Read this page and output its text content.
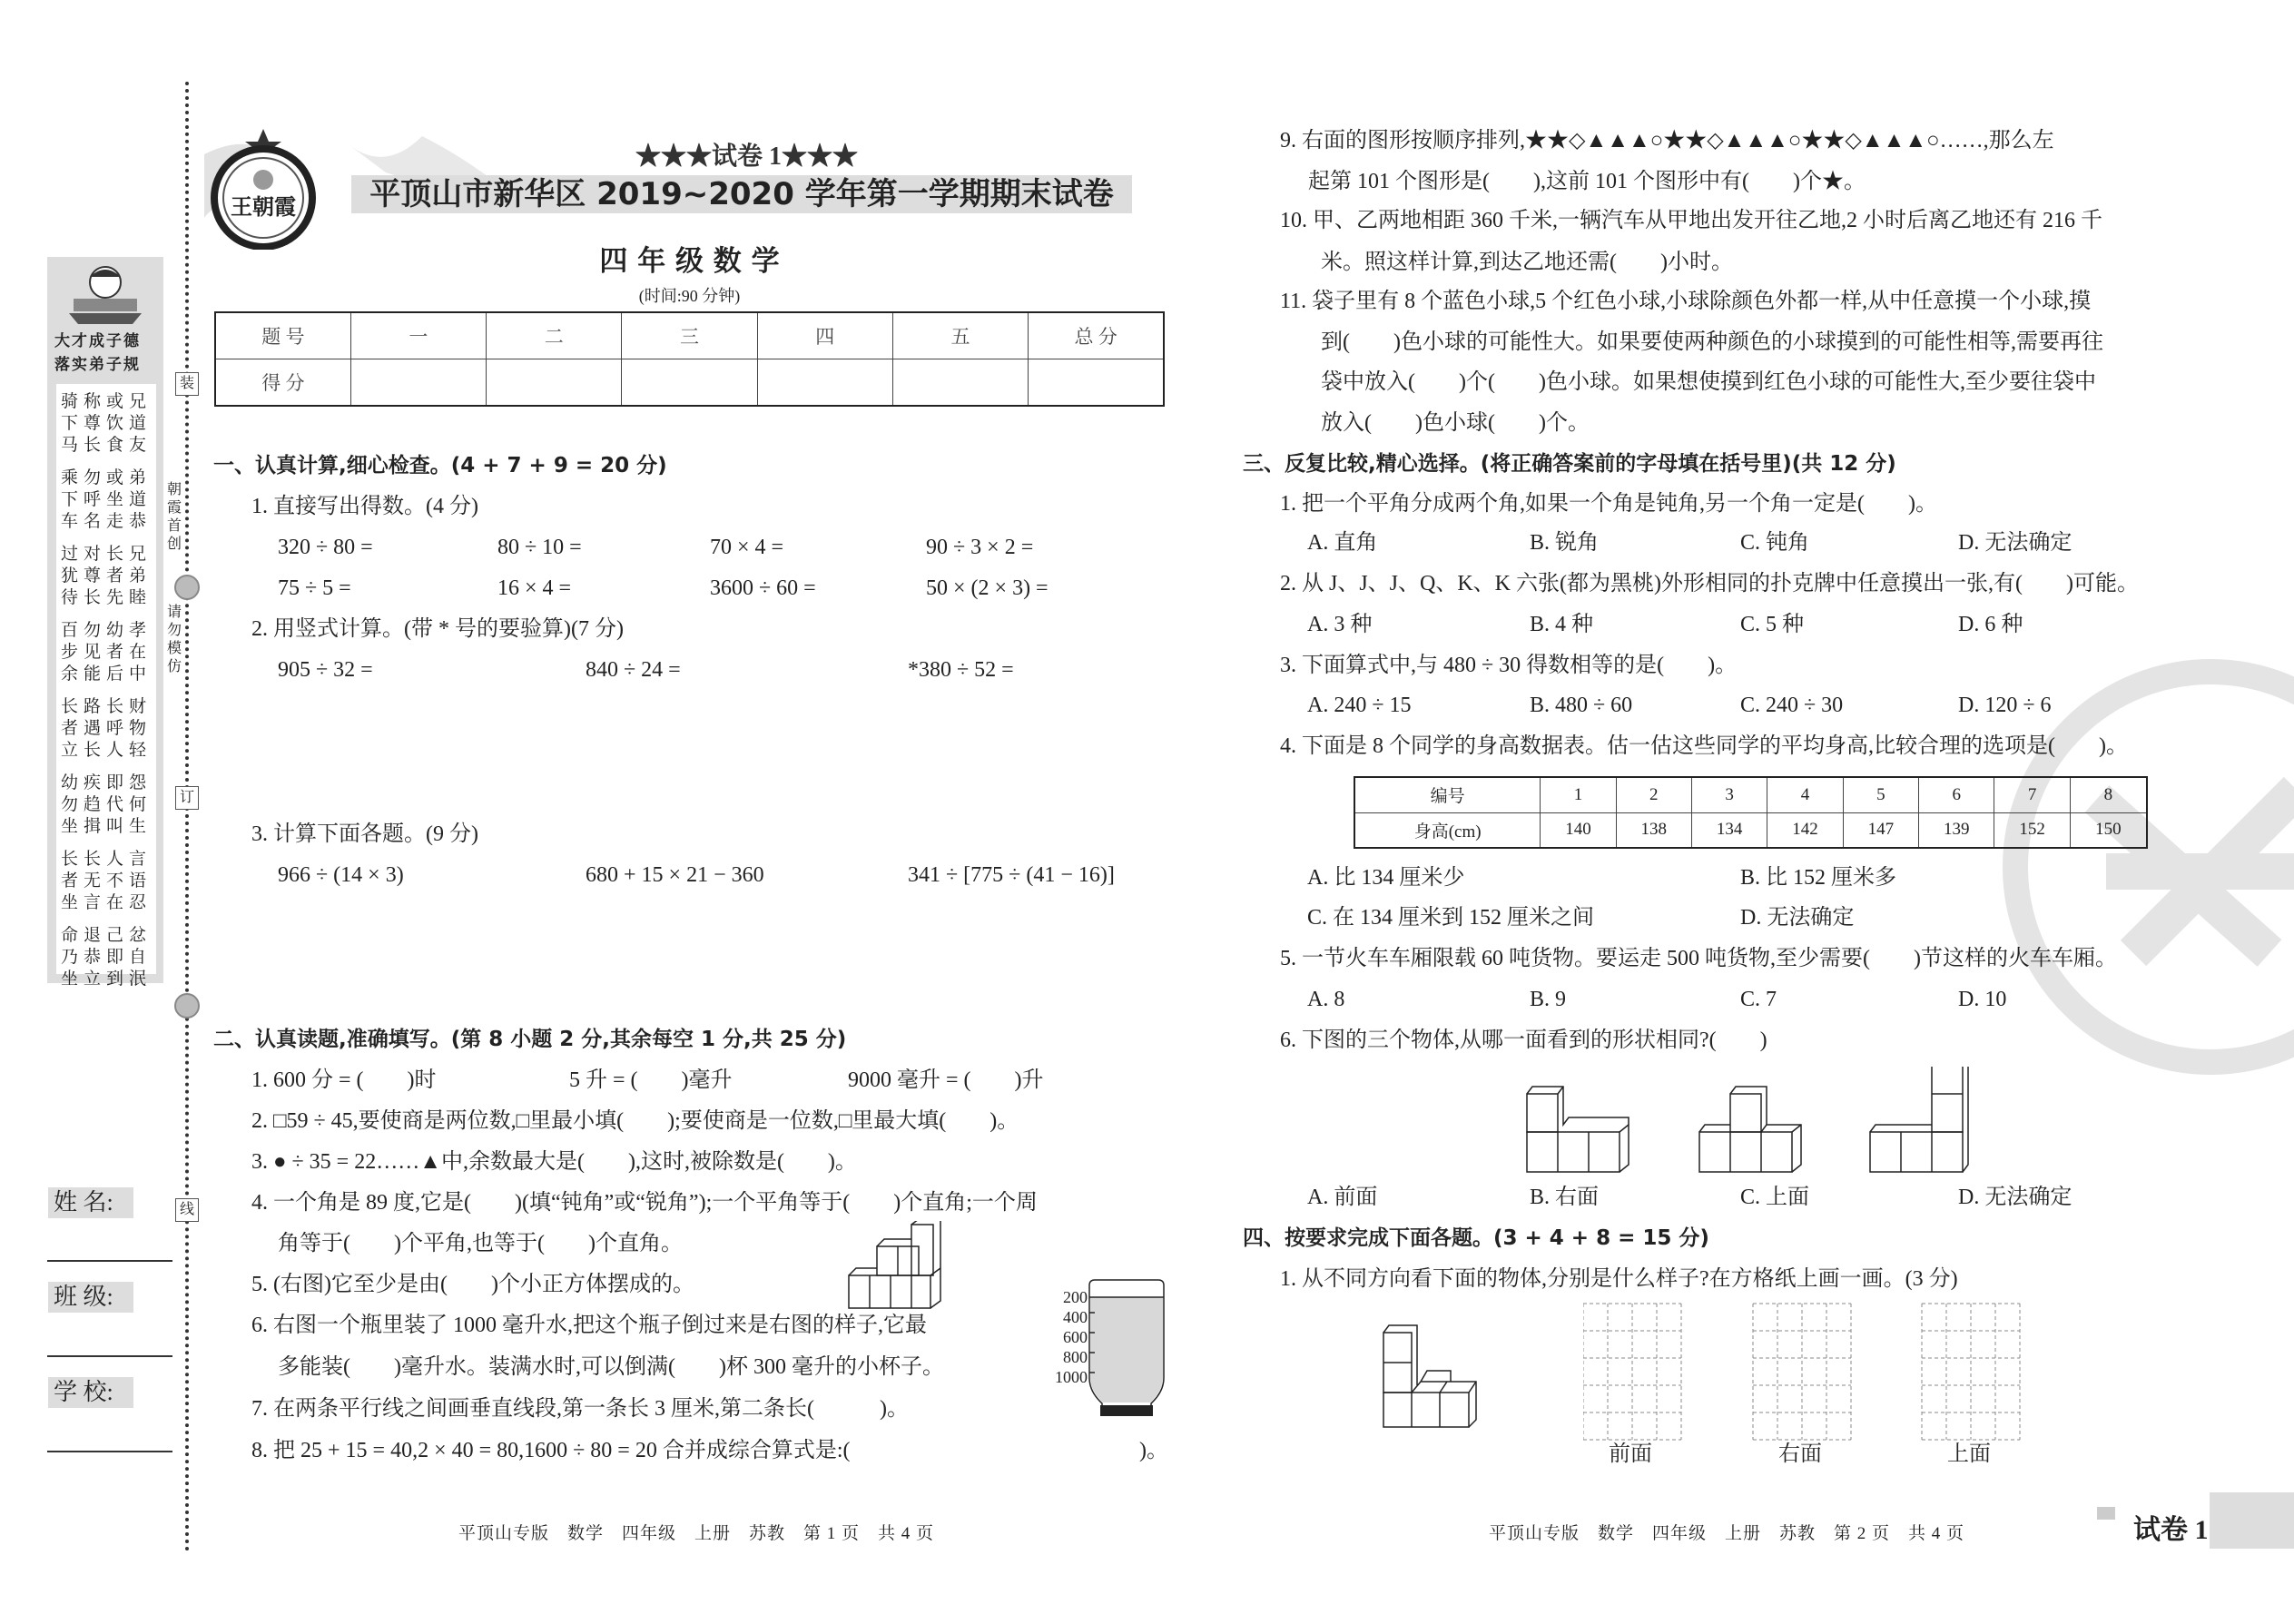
装
朝霞首创
请勿模仿
订
线
大才成子德
落实弟子规
骑称或兄
下尊饮道
马长食友
乘勿或弟
下呼坐道
车名走恭
过对长兄
犹尊者弟
待长先睦
百勿幼孝
步见者在
余能后中
长路长财
者遇呼物
立长人轻
幼疾即怨
勿趋代何
坐揖叫生
长长人言
者无不语
坐言在忍
命退己忿
乃恭即自
坐立到泯
姓 名:
班 级:
学 校:
王朝霞
★★★试卷 1★★★
平顶山市新华区 2019~2020 学年第一学期期末试卷
四 年 级 数 学
(时间:90 分钟)
题 号	一	二	三	四	五	总 分
得 分						
一、认真计算,细心检查。(4 + 7 + 9 = 20 分)
1. 直接写出得数。(4 分)
320 ÷ 80 =	80 ÷ 10 =	70 × 4 =	90 ÷ 3 × 2 =
75 ÷ 5 =	16 × 4 =	3600 ÷ 60 =	50 × (2 × 3) =
2. 用竖式计算。(带 * 号的要验算)(7 分)
905 ÷ 32 =	840 ÷ 24 =	*380 ÷ 52 =
3. 计算下面各题。(9 分)
966 ÷ (14 × 3)	680 + 15 × 21 − 360	341 ÷ [775 ÷ (41 − 16)]
二、认真读题,准确填写。(第 8 小题 2 分,其余每空 1 分,共 25 分)
1. 600 分 = (　　)时	5 升 = (　　)毫升	9000 毫升 = (　　)升
2. □59 ÷ 45,要使商是两位数,□里最小填(　　);要使商是一位数,□里最大填(　　)。
3. ● ÷ 35 = 22……▲中,余数最大是(　　),这时,被除数是(　　)。
4. 一个角是 89 度,它是(　　)(填“钝角”或“锐角”);一个平角等于(　　)个直角;一个周
角等于(　　)个平角,也等于(　　)个直角。
5. (右图)它至少是由(　　)个小正方体摆成的。
6. 右图一个瓶里装了 1000 毫升水,把这个瓶子倒过来是右图的样子,它最
多能装(　　)毫升水。装满水时,可以倒满(　　)杯 300 毫升的小杯子。
7. 在两条平行线之间画垂直线段,第一条长 3 厘米,第二条长(　　　)。
8. 把 25 + 15 = 40,2 × 40 = 80,1600 ÷ 80 = 20 合并成综合算式是:(	)。
200
400
600
800
1000
平顶山专版　数学　四年级　上册　苏教　第 1 页　共 4 页
9. 右面的图形按顺序排列,★★◇▲▲▲○★★◇▲▲▲○★★◇▲▲▲○……,那么左
起第 101 个图形是(　　),这前 101 个图形中有(　　)个★。
10. 甲、乙两地相距 360 千米,一辆汽车从甲地出发开往乙地,2 小时后离乙地还有 216 千
米。照这样计算,到达乙地还需(　　)小时。
11. 袋子里有 8 个蓝色小球,5 个红色小球,小球除颜色外都一样,从中任意摸一个小球,摸
到(　　)色小球的可能性大。如果要使两种颜色的小球摸到的可能性相等,需要再往
袋中放入(　　)个(　　)色小球。如果想使摸到红色小球的可能性大,至少要往袋中
放入(　　)色小球(　　)个。
三、反复比较,精心选择。(将正确答案前的字母填在括号里)(共 12 分)
1. 把一个平角分成两个角,如果一个角是钝角,另一个角一定是(　　)。
A. 直角	B. 锐角	C. 钝角	D. 无法确定
2. 从 J、J、J、Q、K、K 六张(都为黑桃)外形相同的扑克牌中任意摸出一张,有(　　)可能。
A. 3 种	B. 4 种	C. 5 种	D. 6 种
3. 下面算式中,与 480 ÷ 30 得数相等的是(　　)。
A. 240 ÷ 15	B. 480 ÷ 60	C. 240 ÷ 30	D. 120 ÷ 6
4. 下面是 8 个同学的身高数据表。估一估这些同学的平均身高,比较合理的选项是(　　)。
编号	1	2	3	4	5	6	7	8
身高(cm)	140	138	134	142	147	139	152	150
A. 比 134 厘米少	B. 比 152 厘米多
C. 在 134 厘米到 152 厘米之间	D. 无法确定
5. 一节火车车厢限载 60 吨货物。要运走 500 吨货物,至少需要(　　)节这样的火车车厢。
A. 8	B. 9	C. 7	D. 10
6. 下图的三个物体,从哪一面看到的形状相同?(　　)
A. 前面	B. 右面	C. 上面	D. 无法确定
四、按要求完成下面各题。(3 + 4 + 8 = 15 分)
1. 从不同方向看下面的物体,分别是什么样子?在方格纸上画一画。(3 分)
前面	右面	上面
平顶山专版　数学　四年级　上册　苏教　第 2 页　共 4 页	试卷 1
